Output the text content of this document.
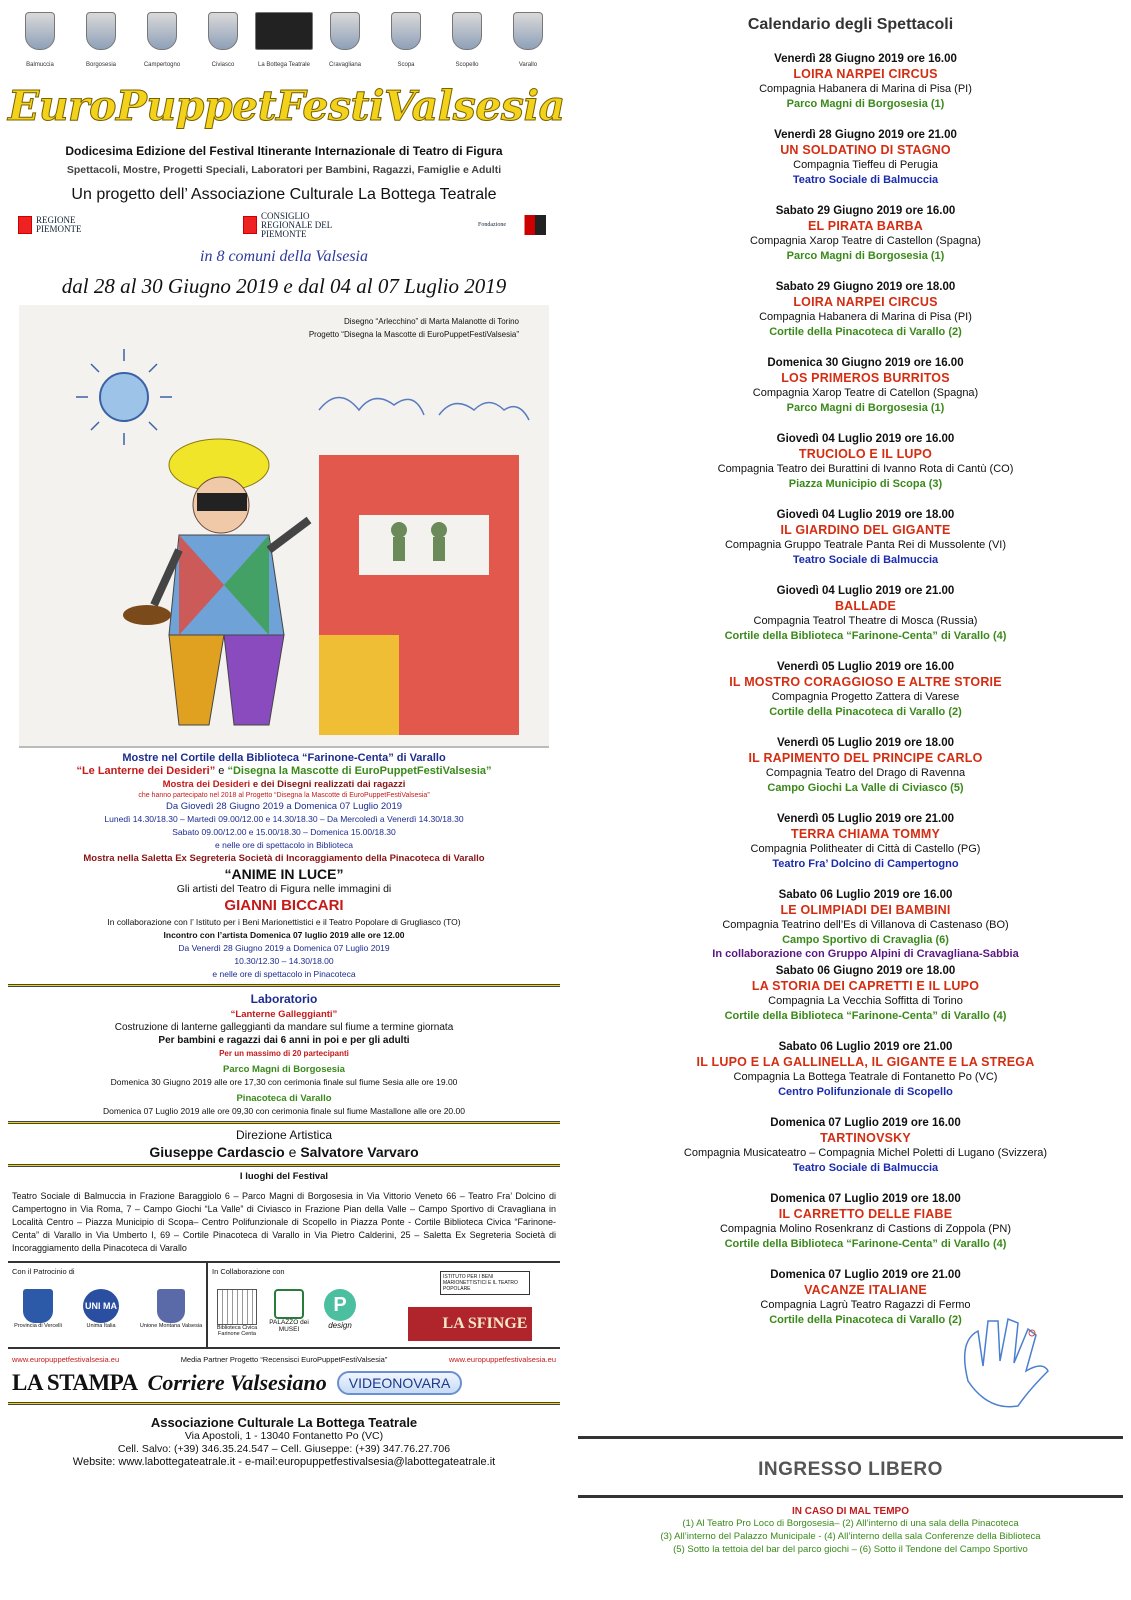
Balmuccia	Borgosesia	Campertogno	Civiasco	La Bottega Teatrale	Cravagliana	Scopa	Scopello	Varallo
EuroPuppetFestiValsesia
Dodicesima Edizione del Festival Itinerante Internazionale di Teatro di Figura
Spettacoli, Mostre, Progetti Speciali, Laboratori per Bambini, Ragazzi, Famiglie e Adulti
Un progetto dell’ Associazione Culturale La Bottega Teatrale
REGIONE PIEMONTE
CONSIGLIO REGIONALE DEL PIEMONTE
Fondazione
in 8 comuni della Valsesia
dal 28 al 30 Giugno 2019 e dal 04 al 07 Luglio 2019
Disegno “Arlecchino” di Marta Malanotte di Torino
Progetto “Disegna la Mascotte di EuroPuppetFestiValsesia”

Mostre nel Cortile della Biblioteca “Farinone-Centa” di Varallo

“Le Lanterne dei Desideri” e “Disegna la Mascotte di EuroPuppetFestiValsesia”

Mostra dei Desideri e dei Disegni realizzati dai ragazzi

che hanno partecipato nel 2018 al Progetto “Disegna la Mascotte di EuroPuppetFestiValsesia”

Da Giovedì 28 Giugno 2019 a Domenica 07 Luglio 2019

Lunedì 14.30/18.30 – Martedì 09.00/12.00 e 14.30/18.30 – Da Mercoledì a Venerdì 14.30/18.30

Sabato 09.00/12.00 e 15.00/18.30 – Domenica 15.00/18.30

e nelle ore di spettacolo in Biblioteca

Mostra nella Saletta Ex Segreteria Società di Incoraggiamento della Pinacoteca di Varallo

“ANIME IN LUCE”

Gli artisti del Teatro di Figura nelle immagini di

GIANNI BICCARI

In collaborazione con l’ Istituto per i Beni Marionettistici e il Teatro Popolare di Grugliasco (TO)

Incontro con l’artista Domenica 07 luglio 2019 alle ore 12.00

Da Venerdì 28 Giugno 2019 a Domenica 07 Luglio 2019

10.30/12.30 – 14.30/18.00

e nelle ore di spettacolo in Pinacoteca

Laboratorio

“Lanterne Galleggianti”

Costruzione di lanterne galleggianti da mandare sul fiume a termine giornata

Per bambini e ragazzi dai 6 anni in poi e per gli adulti

Per un massimo di 20 partecipanti

Parco Magni di Borgosesia

Domenica 30 Giugno 2019 alle ore 17,30 con cerimonia finale sul fiume Sesia alle ore 19.00

Pinacoteca di Varallo

Domenica 07 Luglio 2019 alle ore 09,30 con cerimonia finale sul fiume Mastallone alle ore 20.00

Direzione Artistica

Giuseppe Cardascio e Salvatore Varvaro

I luoghi del Festival

Teatro Sociale di Balmuccia in Frazione Baraggiolo 6 – Parco Magni di Borgosesia in Via Vittorio Veneto 66 – Teatro Fra’ Dolcino di Campertogno in Via Roma, 7 – Campo Giochi “La Valle” di Civiasco in Frazione Pian della Valle – Campo Sportivo di Cravagliana in Località Centro – Piazza Municipio di Scopa– Centro Polifunzionale di Scopello in Piazza Ponte - Cortile Biblioteca Civica “Farinone-Centa” di Varallo in Via Umberto I, 69 – Cortile Pinacoteca di Varallo in Via Pietro Calderini, 25 – Saletta Ex Segreteria Società di Incoraggiamento della Pinacoteca di Varallo

Con il Patrocinio di
Provincia di Vercelli
UNI MA
Unima Italia	Unione Montana Valsesia
In Collaborazione con
Biblioteca Civica Farinone Centa
PALAZZO dei MUSEI
P
design
ISTITUTO PER I BENI MARIONETTISTICI E IL TEATRO POPOLARE
LA SFINGE
www.europuppetfestivalsesia.eu	Media Partner Progetto “Recensisci EuroPuppetFestiValsesia”	www.europuppetfestivalsesia.eu
LA STAMPA Corriere Valsesiano	VIDEONOVARA

Associazione Culturale La Bottega Teatrale

Via Apostoli, 1 - 13040 Fontanetto Po (VC)

Cell. Salvo: (+39) 346.35.24.547 – Cell. Giuseppe: (+39) 347.76.27.706

Website: www.labottegateatrale.it - e-mail:europuppetfestivalsesia@labottegateatrale.it

Calendario degli Spettacoli
Venerdì 28 Giugno 2019 ore 16.00
LOIRA NARPEI CIRCUS
Compagnia Habanera di Marina di Pisa (PI)
Parco Magni di Borgosesia (1)
Venerdì 28 Giugno 2019 ore 21.00
UN SOLDATINO DI STAGNO
Compagnia Tieffeu di Perugia
Teatro Sociale di Balmuccia
Sabato 29 Giugno 2019 ore 16.00
EL PIRATA BARBA
Compagnia Xarop Teatre di Castellon (Spagna)
Parco Magni di Borgosesia (1)
Sabato 29 Giugno 2019 ore 18.00
LOIRA NARPEI CIRCUS
Compagnia Habanera di Marina di Pisa (PI)
Cortile della Pinacoteca di Varallo (2)
Domenica 30 Giugno 2019 ore 16.00
LOS PRIMEROS BURRITOS
Compagnia Xarop Teatre di Catellon (Spagna)
Parco Magni di Borgosesia (1)
Giovedì 04 Luglio 2019 ore 16.00
TRUCIOLO E IL LUPO
Compagnia Teatro dei Burattini di Ivanno Rota di Cantù (CO)
Piazza Municipio di Scopa (3)
Giovedì 04 Luglio 2019 ore 18.00
IL GIARDINO DEL GIGANTE
Compagnia Gruppo Teatrale Panta Rei di Mussolente (VI)
Teatro Sociale di Balmuccia
Giovedì 04 Luglio 2019 ore 21.00
BALLADE
Compagnia Teatrol Theatre di Mosca (Russia)
Cortile della Biblioteca “Farinone-Centa” di Varallo (4)
Venerdì 05 Luglio 2019 ore 16.00
IL MOSTRO CORAGGIOSO E ALTRE STORIE
Compagnia Progetto Zattera di Varese
Cortile della Pinacoteca di Varallo (2)
Venerdì 05 Luglio 2019 ore 18.00
IL RAPIMENTO DEL PRINCIPE CARLO
Compagnia Teatro del Drago di Ravenna
Campo Giochi La Valle di Civiasco (5)
Venerdì 05 Luglio 2019 ore 21.00
TERRA CHIAMA TOMMY
Compagnia Politheater di Città di Castello (PG)
Teatro Fra’ Dolcino di Campertogno
Sabato 06 Luglio 2019 ore 16.00
LE OLIMPIADI DEI BAMBINI
Compagnia Teatrino dell’Es di Villanova di Castenaso (BO)
Campo Sportivo di Cravaglia (6)
In collaborazione con Gruppo Alpini di Cravagliana-Sabbia
Sabato 06 Giugno 2019 ore 18.00
LA STORIA DEI CAPRETTI E IL LUPO
Compagnia La Vecchia Soffitta di Torino
Cortile della Biblioteca “Farinone-Centa” di Varallo (4)
Sabato 06 Luglio 2019 ore 21.00
IL LUPO E LA GALLINELLA, IL GIGANTE E LA STREGA
Compagnia La Bottega Teatrale di Fontanetto Po (VC)
Centro Polifunzionale di Scopello
Domenica 07 Luglio 2019 ore 16.00
TARTINOVSKY
Compagnia Musicateatro – Compagnia Michel Poletti di Lugano (Svizzera)
Teatro Sociale di Balmuccia
Domenica 07 Luglio 2019 ore 18.00
IL CARRETTO DELLE FIABE
Compagnia Molino Rosenkranz di Castions di Zoppola (PN)
Cortile della Biblioteca “Farinone-Centa” di Varallo (4)
Domenica 07 Luglio 2019 ore 21.00
VACANZE ITALIANE
Compagnia Lagrù Teatro Ragazzi di Fermo
Cortile della Pinacoteca di Varallo (2)
INGRESSO LIBERO

IN CASO DI MAL TEMPO

(1) Al Teatro Pro Loco di Borgosesia– (2) All’interno di una sala della Pinacoteca

(3) All’interno del Palazzo Municipale - (4) All’interno della sala Conferenze della Biblioteca

(5) Sotto la tettoia del bar del parco giochi – (6) Sotto il Tendone del Campo Sportivo
